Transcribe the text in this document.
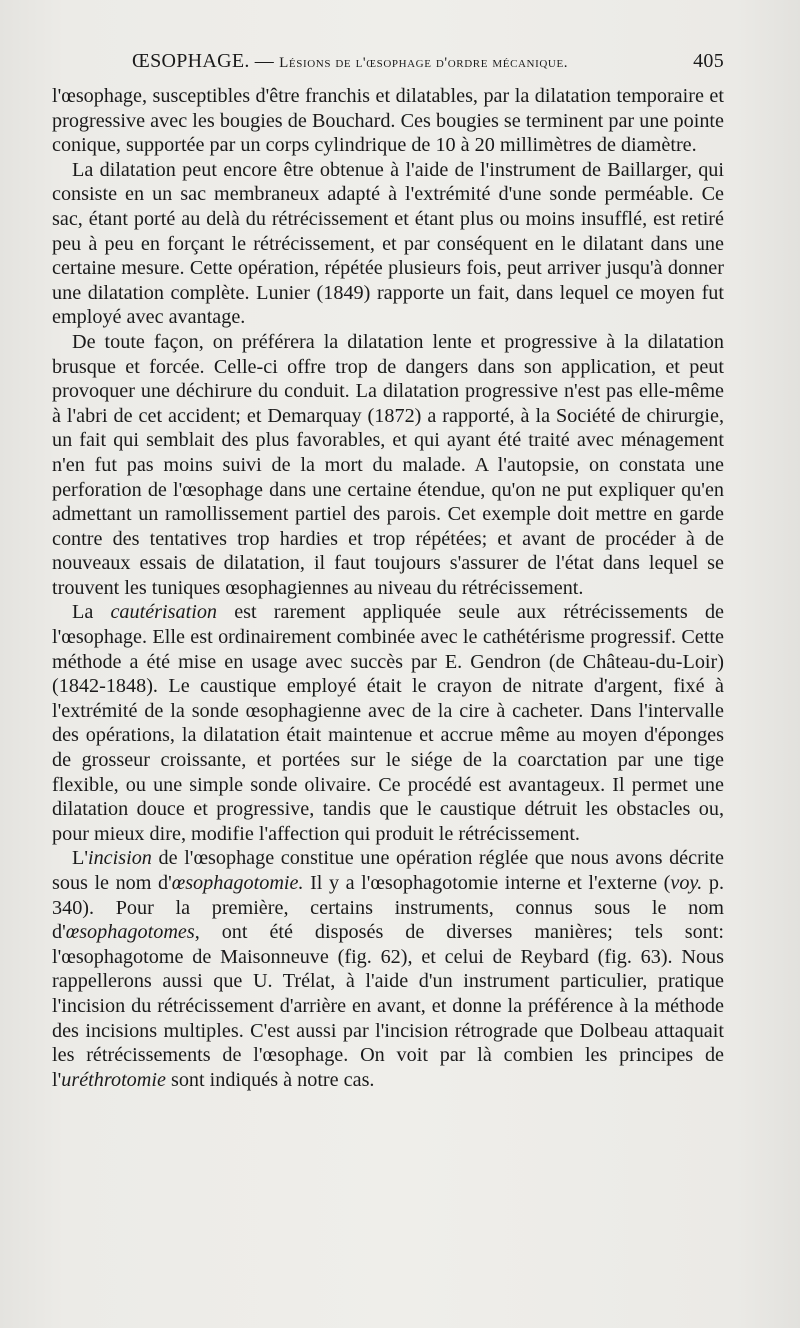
ŒSOPHAGE. — Lésions de l'œsophage d'ordre mécanique.	405

l'œsophage, susceptibles d'être franchis et dilatables, par la dilatation temporaire et progressive avec les bougies de Bouchard. Ces bougies se terminent par une pointe conique, supportée par un corps cylindrique de 10 à 20 millimètres de diamètre.

La dilatation peut encore être obtenue à l'aide de l'instrument de Baillarger, qui consiste en un sac membraneux adapté à l'extrémité d'une sonde perméable. Ce sac, étant porté au delà du rétrécissement et étant plus ou moins insufflé, est retiré peu à peu en forçant le rétrécissement, et par conséquent en le dilatant dans une certaine mesure. Cette opération, répétée plusieurs fois, peut arriver jusqu'à donner une dilatation complète. Lunier (1849) rapporte un fait, dans lequel ce moyen fut employé avec avantage.

De toute façon, on préférera la dilatation lente et progressive à la dilatation brusque et forcée. Celle-ci offre trop de dangers dans son application, et peut provoquer une déchirure du conduit. La dilatation progressive n'est pas elle-même à l'abri de cet accident; et Demarquay (1872) a rapporté, à la Société de chirurgie, un fait qui semblait des plus favorables, et qui ayant été traité avec ménagement n'en fut pas moins suivi de la mort du malade. A l'autopsie, on constata une perforation de l'œsophage dans une certaine étendue, qu'on ne put expliquer qu'en admettant un ramollissement partiel des parois. Cet exemple doit mettre en garde contre des tentatives trop hardies et trop répétées; et avant de procéder à de nouveaux essais de dilatation, il faut toujours s'assurer de l'état dans lequel se trouvent les tuniques œsophagiennes au niveau du rétrécissement.

La cautérisation est rarement appliquée seule aux rétrécissements de l'œsophage. Elle est ordinairement combinée avec le cathétérisme progressif. Cette méthode a été mise en usage avec succès par E. Gendron (de Château-du-Loir) (1842-1848). Le caustique employé était le crayon de nitrate d'argent, fixé à l'extrémité de la sonde œsophagienne avec de la cire à cacheter. Dans l'intervalle des opérations, la dilatation était maintenue et accrue même au moyen d'éponges de grosseur croissante, et portées sur le siége de la coarctation par une tige flexible, ou une simple sonde olivaire. Ce procédé est avantageux. Il permet une dilatation douce et progressive, tandis que le caustique détruit les obstacles ou, pour mieux dire, modifie l'affection qui produit le rétrécissement.

L'incision de l'œsophage constitue une opération réglée que nous avons décrite sous le nom d'œsophagotomie. Il y a l'œsophagotomie interne et l'externe (voy. p. 340). Pour la première, certains instruments, connus sous le nom d'œsophagotomes, ont été disposés de diverses manières; tels sont: l'œsophagotome de Maisonneuve (fig. 62), et celui de Reybard (fig. 63). Nous rappellerons aussi que U. Trélat, à l'aide d'un instrument particulier, pratique l'incision du rétrécissement d'arrière en avant, et donne la préférence à la méthode des incisions multiples. C'est aussi par l'incision rétrograde que Dolbeau attaquait les rétrécissements de l'œsophage. On voit par là combien les principes de l'uréthrotomie sont indiqués à notre cas.
